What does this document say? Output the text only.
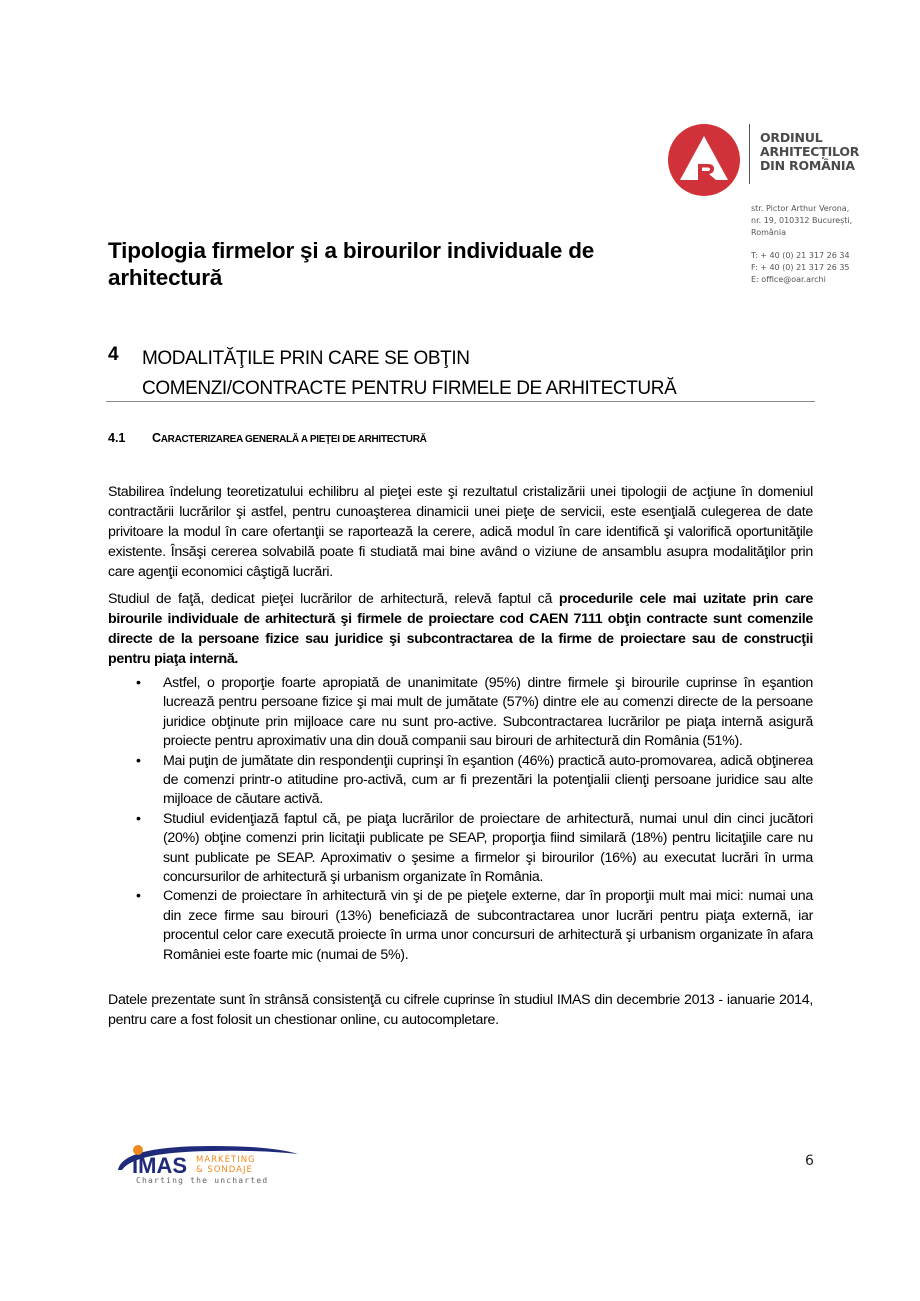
ORDINUL
ARHITECȚILOR
DIN ROMÂNIA
str. Pictor Arthur Verona,
nr. 19, 010312 București,
România
T: + 40 (0) 21 317 26 34
F: + 40 (0) 21 317 26 35
E: office@oar.archi
Tipologia firmelor şi a birourilor individuale de arhitectură
4 MODALITĂŢILE PRIN CARE SE OBŢIN
COMENZI/CONTRACTE PENTRU FIRMELE DE ARHITECTURĂ
4.1 CARACTERIZAREA GENERALĂ A PIEŢEI DE ARHITECTURĂ
Stabilirea îndelung teoretizatului echilibru al pieţei este şi rezultatul cristalizării unei tipologii de acţiune în domeniul contractării lucrărilor şi astfel, pentru cunoaşterea dinamicii unei pieţe de servicii, este esenţială culegerea de date privitoare la modul în care ofertanţii se raportează la cerere, adică modul în care identifică şi valorifică oportunităţile existente. Însăşi cererea solvabilă poate fi studiată mai bine având o viziune de ansamblu asupra modalităţilor prin care agenţii economici câştigă lucrări.
Studiul de faţă, dedicat pieţei lucrărilor de arhitectură, relevă faptul că procedurile cele mai uzitate prin care birourile individuale de arhitectură şi firmele de proiectare cod CAEN 7111 obţin contracte sunt comenzile directe de la persoane fizice sau juridice şi subcontractarea de la firme de proiectare sau de construcţii pentru piaţa internă.
• Astfel, o proporţie foarte apropiată de unanimitate (95%) dintre firmele şi birourile cuprinse în eşantion lucrează pentru persoane fizice şi mai mult de jumătate (57%) dintre ele au comenzi directe de la persoane juridice obţinute prin mijloace care nu sunt pro-active. Subcontractarea lucrărilor pe piaţa internă asigură proiecte pentru aproximativ una din două companii sau birouri de arhitectură din România (51%).
• Mai puţin de jumătate din respondenţii cuprinşi în eşantion (46%) practică auto-promovarea, adică obţinerea de comenzi printr-o atitudine pro-activă, cum ar fi prezentări la potenţialii clienţi persoane juridice sau alte mijloace de căutare activă.
• Studiul evidenţiază faptul că, pe piaţa lucrărilor de proiectare de arhitectură, numai unul din cinci jucători (20%) obţine comenzi prin licitaţii publicate pe SEAP, proporţia fiind similară (18%) pentru licitaţiile care nu sunt publicate pe SEAP. Aproximativ o şesime a firmelor şi birourilor (16%) au executat lucrări în urma concursurilor de arhitectură şi urbanism organizate în România.
• Comenzi de proiectare în arhitectură vin şi de pe pieţele externe, dar în proporţii mult mai mici: numai una din zece firme sau birouri (13%) beneficiază de subcontractarea unor lucrări pentru piaţa externă, iar procentul celor care execută proiecte în urma unor concursuri de arhitectură şi urbanism organizate în afara României este foarte mic (numai de 5%).
Datele prezentate sunt în strânsă consistenţă cu cifrele cuprinse în studiul IMAS din decembrie 2013 - ianuarie 2014, pentru care a fost folosit un chestionar online, cu autocompletare.
IMAS MARKETING
& SONDAJE
Charting the uncharted
6
